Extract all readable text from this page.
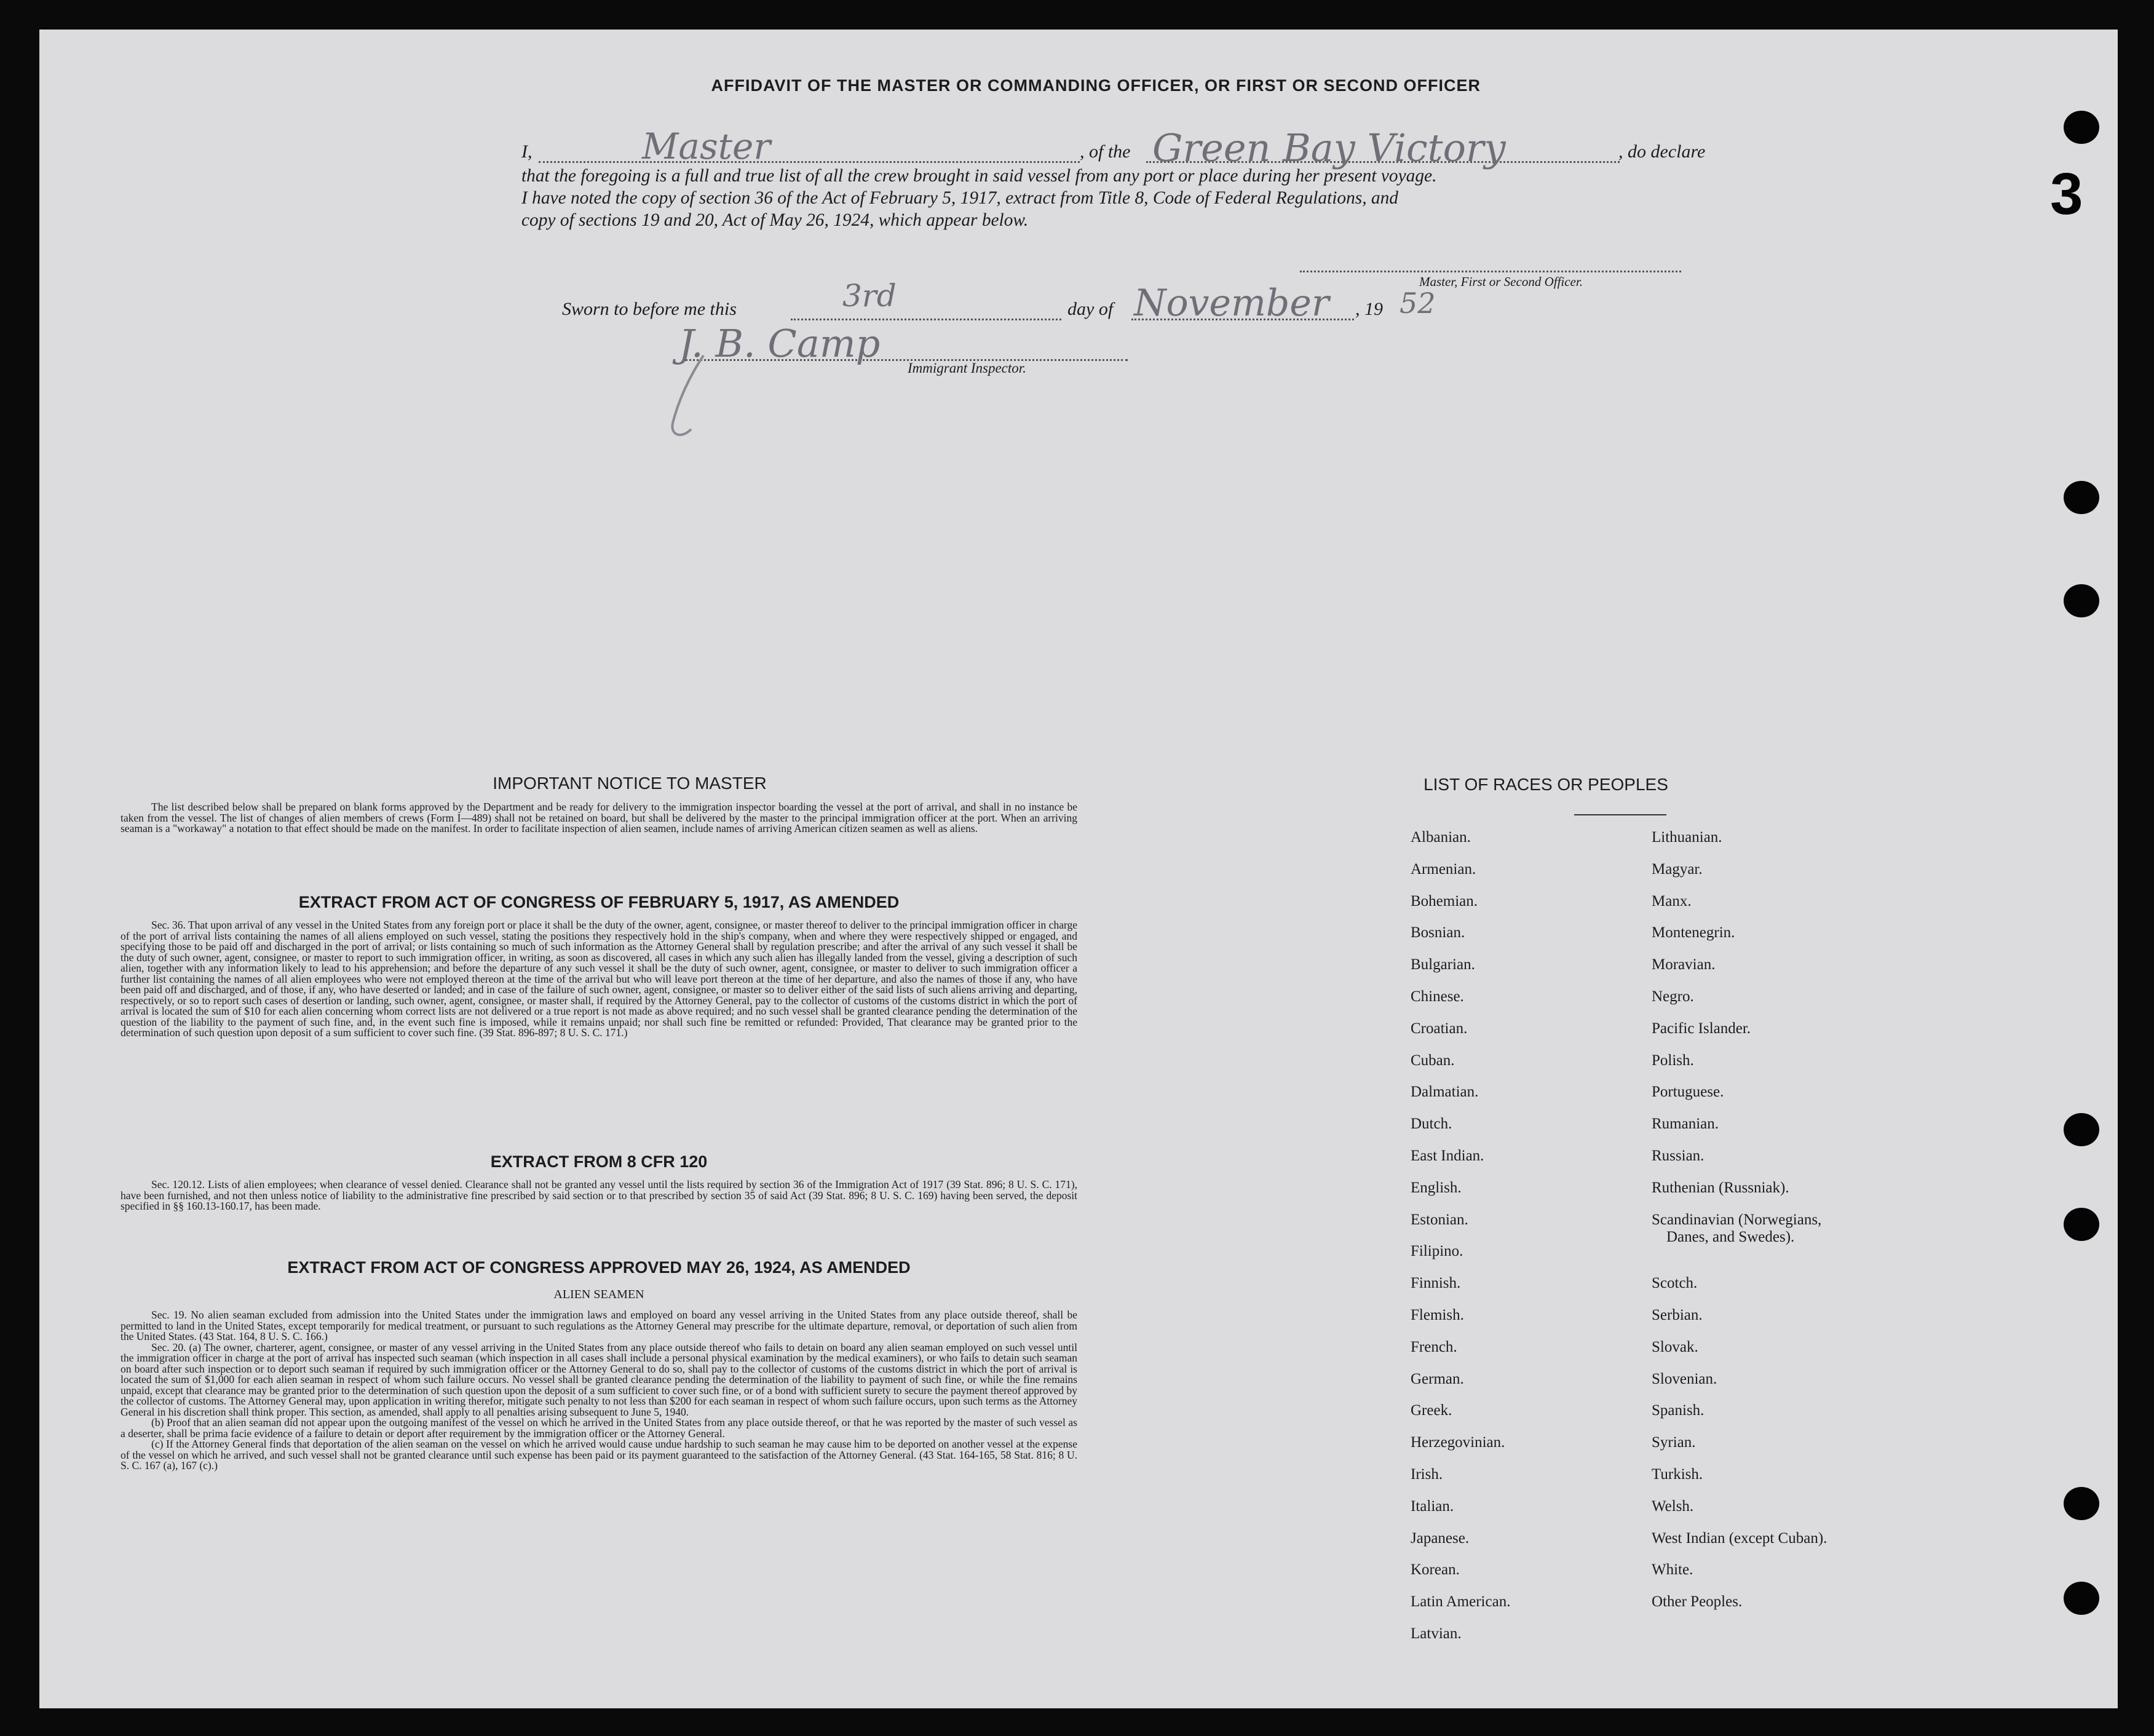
AFFIDAVIT OF THE MASTER OR COMMANDING OFFICER, OR FIRST OR SECOND OFFICER
I,	Master	, of the Green Bay Victory	, do declare
that the foregoing is a full and true list of all the crew brought in said vessel from any port or place during her present voyage.
I have noted the copy of section 36 of the Act of February 5, 1917, extract from Title 8, Code of Federal Regulations, and
copy of sections 19 and 20, Act of May 26, 1924, which appear below.
Master, First or Second Officer.
Sworn to before me this	3rd	day of November , 19 52
J. B. Camp
Immigrant Inspector.
IMPORTANT NOTICE TO MASTER
The list described below shall be prepared on blank forms approved by the Department and be ready for delivery to the immigration inspector boarding the vessel at the port of arrival, and shall in no instance be taken from the vessel. The list of changes of alien members of crews (Form I—489) shall not be retained on board, but shall be delivered by the master to the principal immigration officer at the port. When an arriving seaman is a "workaway" a notation to that effect should be made on the manifest. In order to facilitate inspection of alien seamen, include names of arriving American citizen seamen as well as aliens.
EXTRACT FROM ACT OF CONGRESS OF FEBRUARY 5, 1917, AS AMENDED
Sec. 36. That upon arrival of any vessel in the United States from any foreign port or place it shall be the duty of the owner, agent, consignee, or master thereof to deliver to the principal immigration officer in charge of the port of arrival lists containing the names of all aliens employed on such vessel, stating the positions they respectively hold in the ship's company, when and where they were respectively shipped or engaged, and specifying those to be paid off and discharged in the port of arrival; or lists containing so much of such information as the Attorney General shall by regulation prescribe; and after the arrival of any such vessel it shall be the duty of such owner, agent, consignee, or master to report to such immigration officer, in writing, as soon as discovered, all cases in which any such alien has illegally landed from the vessel, giving a description of such alien, together with any information likely to lead to his apprehension; and before the departure of any such vessel it shall be the duty of such owner, agent, consignee, or master to deliver to such immigration officer a further list containing the names of all alien employees who were not employed thereon at the time of the arrival but who will leave port thereon at the time of her departure, and also the names of those if any, who have been paid off and discharged, and of those, if any, who have deserted or landed; and in case of the failure of such owner, agent, consignee, or master so to deliver either of the said lists of such aliens arriving and departing, respectively, or so to report such cases of desertion or landing, such owner, agent, consignee, or master shall, if required by the Attorney General, pay to the collector of customs of the customs district in which the port of arrival is located the sum of $10 for each alien concerning whom correct lists are not delivered or a true report is not made as above required; and no such vessel shall be granted clearance pending the determination of the question of the liability to the payment of such fine, and, in the event such fine is imposed, while it remains unpaid; nor shall such fine be remitted or refunded: Provided, That clearance may be granted prior to the determination of such question upon deposit of a sum sufficient to cover such fine. (39 Stat. 896-897; 8 U. S. C. 171.)
EXTRACT FROM 8 CFR 120
Sec. 120.12. Lists of alien employees; when clearance of vessel denied. Clearance shall not be granted any vessel until the lists required by section 36 of the Immigration Act of 1917 (39 Stat. 896; 8 U. S. C. 171), have been furnished, and not then unless notice of liability to the administrative fine prescribed by said section or to that prescribed by section 35 of said Act (39 Stat. 896; 8 U. S. C. 169) having been served, the deposit specified in §§ 160.13-160.17, has been made.
EXTRACT FROM ACT OF CONGRESS APPROVED MAY 26, 1924, AS AMENDED
ALIEN SEAMEN
Sec. 19. No alien seaman excluded from admission into the United States under the immigration laws and employed on board any vessel arriving in the United States from any place outside thereof, shall be permitted to land in the United States, except temporarily for medical treatment, or pursuant to such regulations as the Attorney General may prescribe for the ultimate departure, removal, or deportation of such alien from the United States. (43 Stat. 164, 8 U. S. C. 166.)
Sec. 20. (a) The owner, charterer, agent, consignee, or master of any vessel arriving in the United States from any place outside thereof who fails to detain on board any alien seaman employed on such vessel until the immigration officer in charge at the port of arrival has inspected such seaman (which inspection in all cases shall include a personal physical examination by the medical examiners), or who fails to detain such seaman on board after such inspection or to deport such seaman if required by such immigration officer or the Attorney General to do so, shall pay to the collector of customs of the customs district in which the port of arrival is located the sum of $1,000 for each alien seaman in respect of whom such failure occurs. No vessel shall be granted clearance pending the determination of the liability to payment of such fine, or while the fine remains unpaid, except that clearance may be granted prior to the determination of such question upon the deposit of a sum sufficient to cover such fine, or of a bond with sufficient surety to secure the payment thereof approved by the collector of customs. The Attorney General may, upon application in writing therefor, mitigate such penalty to not less than $200 for each seaman in respect of whom such failure occurs, upon such terms as the Attorney General in his discretion shall think proper. This section, as amended, shall apply to all penalties arising subsequent to June 5, 1940.
(b) Proof that an alien seaman did not appear upon the outgoing manifest of the vessel on which he arrived in the United States from any place outside thereof, or that he was reported by the master of such vessel as a deserter, shall be prima facie evidence of a failure to detain or deport after requirement by the immigration officer or the Attorney General.
(c) If the Attorney General finds that deportation of the alien seaman on the vessel on which he arrived would cause undue hardship to such seaman he may cause him to be deported on another vessel at the expense of the vessel on which he arrived, and such vessel shall not be granted clearance until such expense has been paid or its payment guaranteed to the satisfaction of the Attorney General. (43 Stat. 164-165, 58 Stat. 816; 8 U. S. C. 167 (a), 167 (c).)
LIST OF RACES OR PEOPLES
Albanian.
Armenian.
Bohemian.
Bosnian.
Bulgarian.
Chinese.
Croatian.
Cuban.
Dalmatian.
Dutch.
East Indian.
English.
Estonian.
Filipino.
Finnish.
Flemish.
French.
German.
Greek.
Herzegovinian.
Irish.
Italian.
Japanese.
Korean.
Latin American.
Latvian.
Lithuanian.
Magyar.
Manx.
Montenegrin.
Moravian.
Negro.
Pacific Islander.
Polish.
Portuguese.
Rumanian.
Russian.
Ruthenian (Russniak).
Scandinavian (Norwegians,
Danes, and Swedes).
Scotch.
Serbian.
Slovak.
Slovenian.
Spanish.
Syrian.
Turkish.
Welsh.
West Indian (except Cuban).
White.
Other Peoples.
3
